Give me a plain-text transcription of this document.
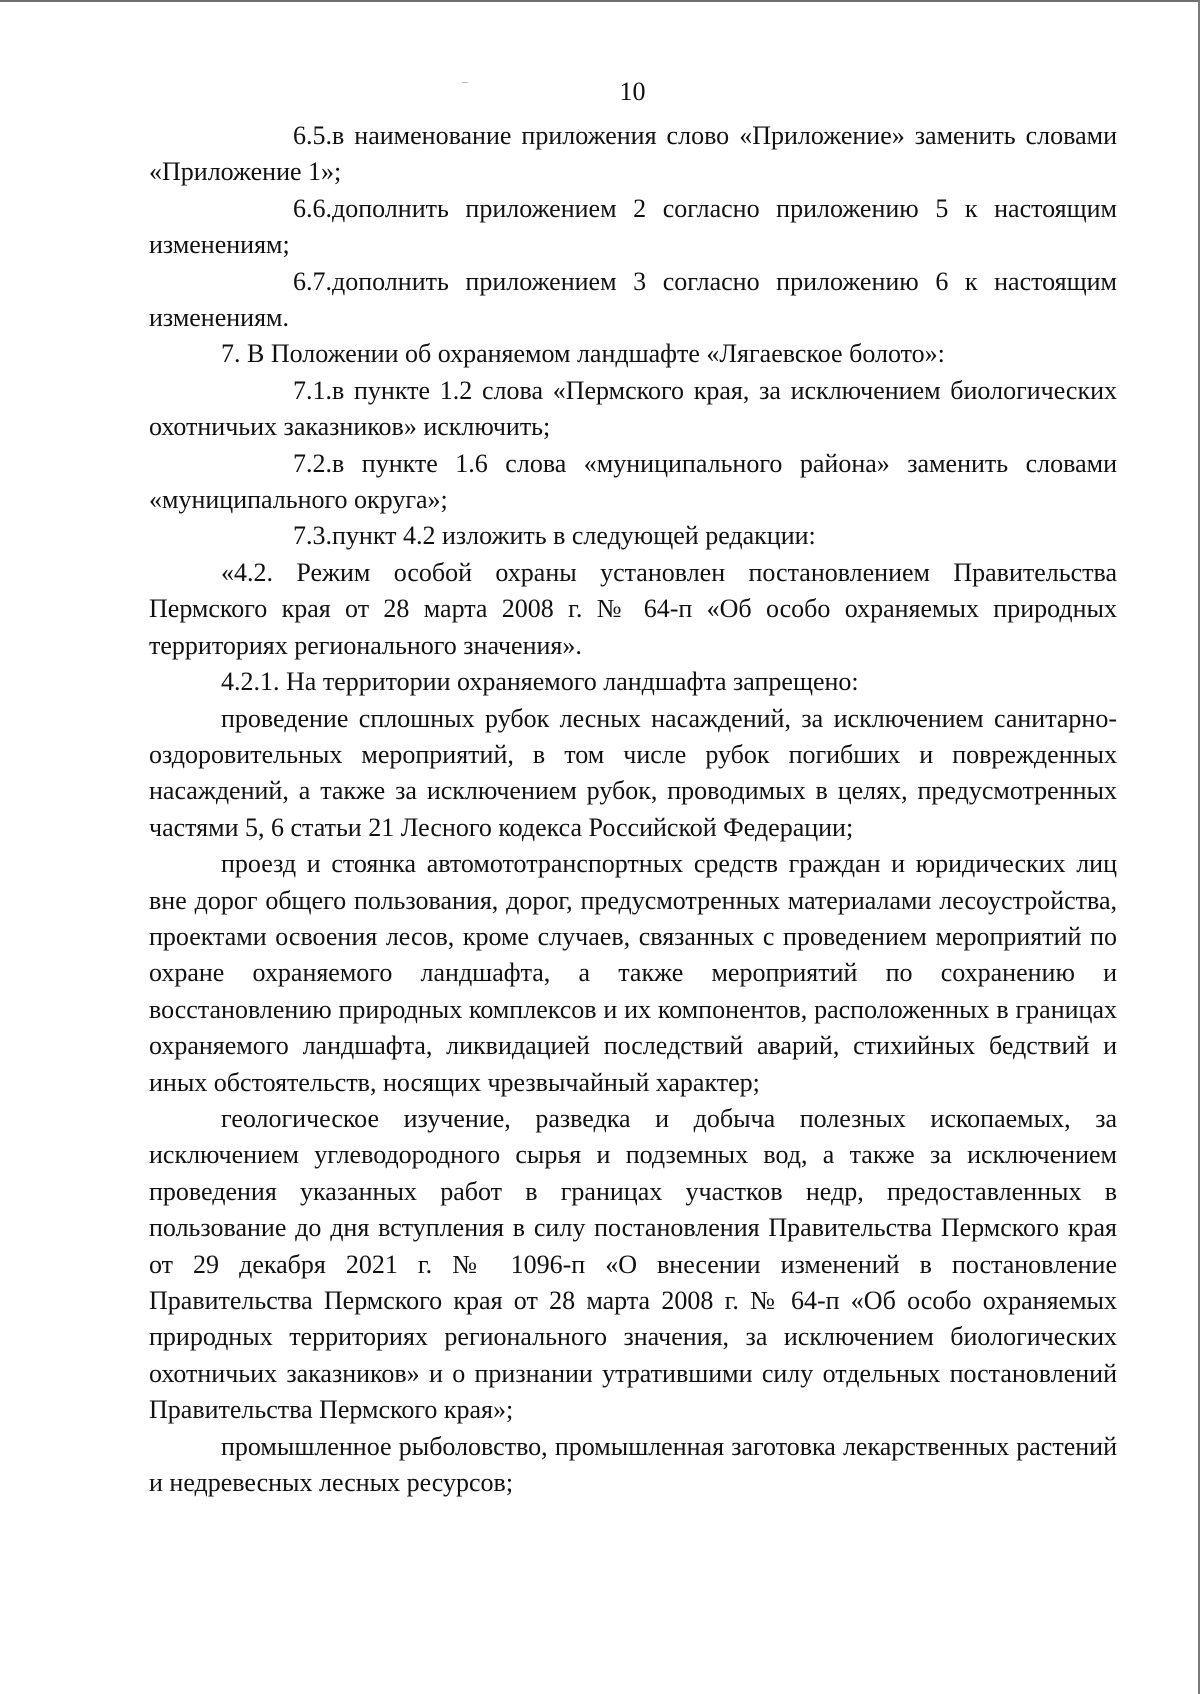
10

6.5.в наименование приложения слово «Приложение» заменить словами «Приложение 1»;

6.6.дополнить приложением 2 согласно приложению 5 к настоящим изменениям;

6.7.дополнить приложением 3 согласно приложению 6 к настоящим изменениям.

7. В Положении об охраняемом ландшафте «Лягаевское болото»:

7.1.в пункте 1.2 слова «Пермского края, за исключением биологических охотничьих заказников» исключить;

7.2.в пункте 1.6 слова «муниципального района» заменить словами «муниципального округа»;

7.3.пункт 4.2 изложить в следующей редакции:

«4.2. Режим особой охраны установлен постановлением Правительства Пермского края от 28 марта 2008 г. № 64-п «Об особо охраняемых природных территориях регионального значения».

4.2.1. На территории охраняемого ландшафта запрещено:

проведение сплошных рубок лесных насаждений, за исключением санитарно-оздоровительных мероприятий, в том числе рубок погибших и поврежденных насаждений, а также за исключением рубок, проводимых в целях, предусмотренных частями 5, 6 статьи 21 Лесного кодекса Российской Федерации;

проезд и стоянка автомототранспортных средств граждан и юридических лиц вне дорог общего пользования, дорог, предусмотренных материалами лесоустройства, проектами освоения лесов, кроме случаев, связанных с проведением мероприятий по охране охраняемого ландшафта, а также мероприятий по сохранению и восстановлению природных комплексов и их компонентов, расположенных в границах охраняемого ландшафта, ликвидацией последствий аварий, стихийных бедствий и иных обстоятельств, носящих чрезвычайный характер;

геологическое изучение, разведка и добыча полезных ископаемых, за исключением углеводородного сырья и подземных вод, а также за исключением проведения указанных работ в границах участков недр, предоставленных в пользование до дня вступления в силу постановления Правительства Пермского края от 29 декабря 2021 г. № 1096-п «О внесении изменений в постановление Правительства Пермского края от 28 марта 2008 г. № 64-п «Об особо охраняемых природных территориях регионального значения, за исключением биологических охотничьих заказников» и о признании утратившими силу отдельных постановлений Правительства Пермского края»;

промышленное рыболовство, промышленная заготовка лекарственных растений и недревесных лесных ресурсов;
